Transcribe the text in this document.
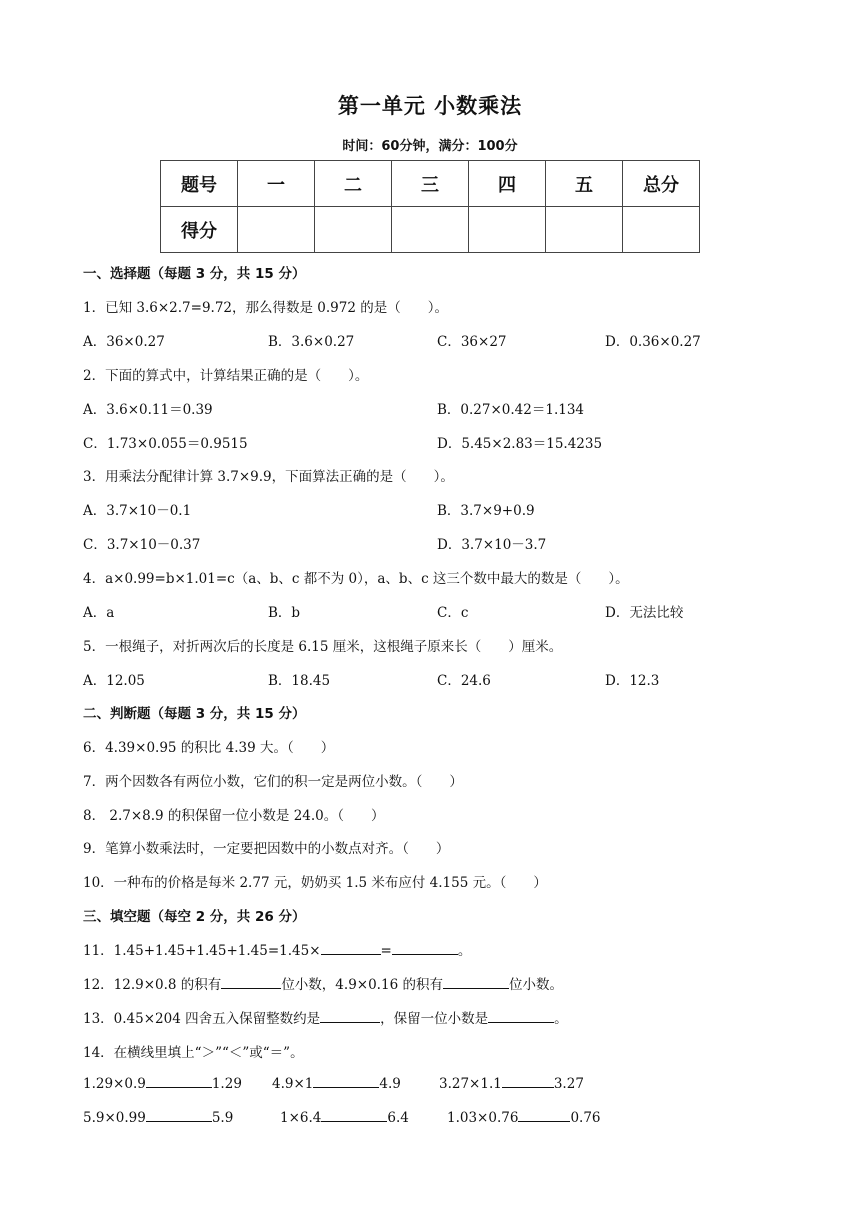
第一单元 小数乘法
时间：60分钟，满分：100分
题号	一	二	三	四	五	总分
得分						
一、选择题（每题 3 分，共 15 分）
1．已知 3.6×2.7=9.72，那么得数是 0.972 的是（　　）。
A．36×0.27	B．3.6×0.27	C．36×27	D．0.36×0.27
2．下面的算式中，计算结果正确的是（　　）。
A．3.6×0.11＝0.39	B．0.27×0.42＝1.134
C．1.73×0.055＝0.9515	D．5.45×2.83＝15.4235
3．用乘法分配律计算 3.7×9.9，下面算法正确的是（　　）。
A．3.7×10－0.1	B．3.7×9+0.9
C．3.7×10－0.37	D．3.7×10－3.7
4．a×0.99=b×1.01=c（a、b、c 都不为 0），a、b、c 这三个数中最大的数是（　　）。
A．a	B．b	C．c	D．无法比较
5．一根绳子，对折两次后的长度是 6.15 厘米，这根绳子原来长（　　）厘米。
A．12.05	B．18.45	C．24.6	D．12.3
二、判断题（每题 3 分，共 15 分）
6．4.39×0.95 的积比 4.39 大。（　　）
7．两个因数各有两位小数，它们的积一定是两位小数。（　　）
8． 2.7×8.9 的积保留一位小数是 24.0。（　　）
9．笔算小数乘法时，一定要把因数中的小数点对齐。（　　）
10．一种布的价格是每米 2.77 元，奶奶买 1.5 米布应付 4.155 元。（　　）
三、填空题（每空 2 分，共 26 分）
11．1.45+1.45+1.45+1.45=1.45×	=	。
12．12.9×0.8 的积有	位小数，4.9×0.16 的积有	位小数。
13．0.45×204 四舍五入保留整数约是	，保留一位小数是	。
14．在横线里填上“＞”“＜”或“＝”。
1.29×0.9	1.29 4.9×1	4.9	3.27×1.1	3.27
5.9×0.99	5.9	1×6.4	6.4	1.03×0.76	0.76
